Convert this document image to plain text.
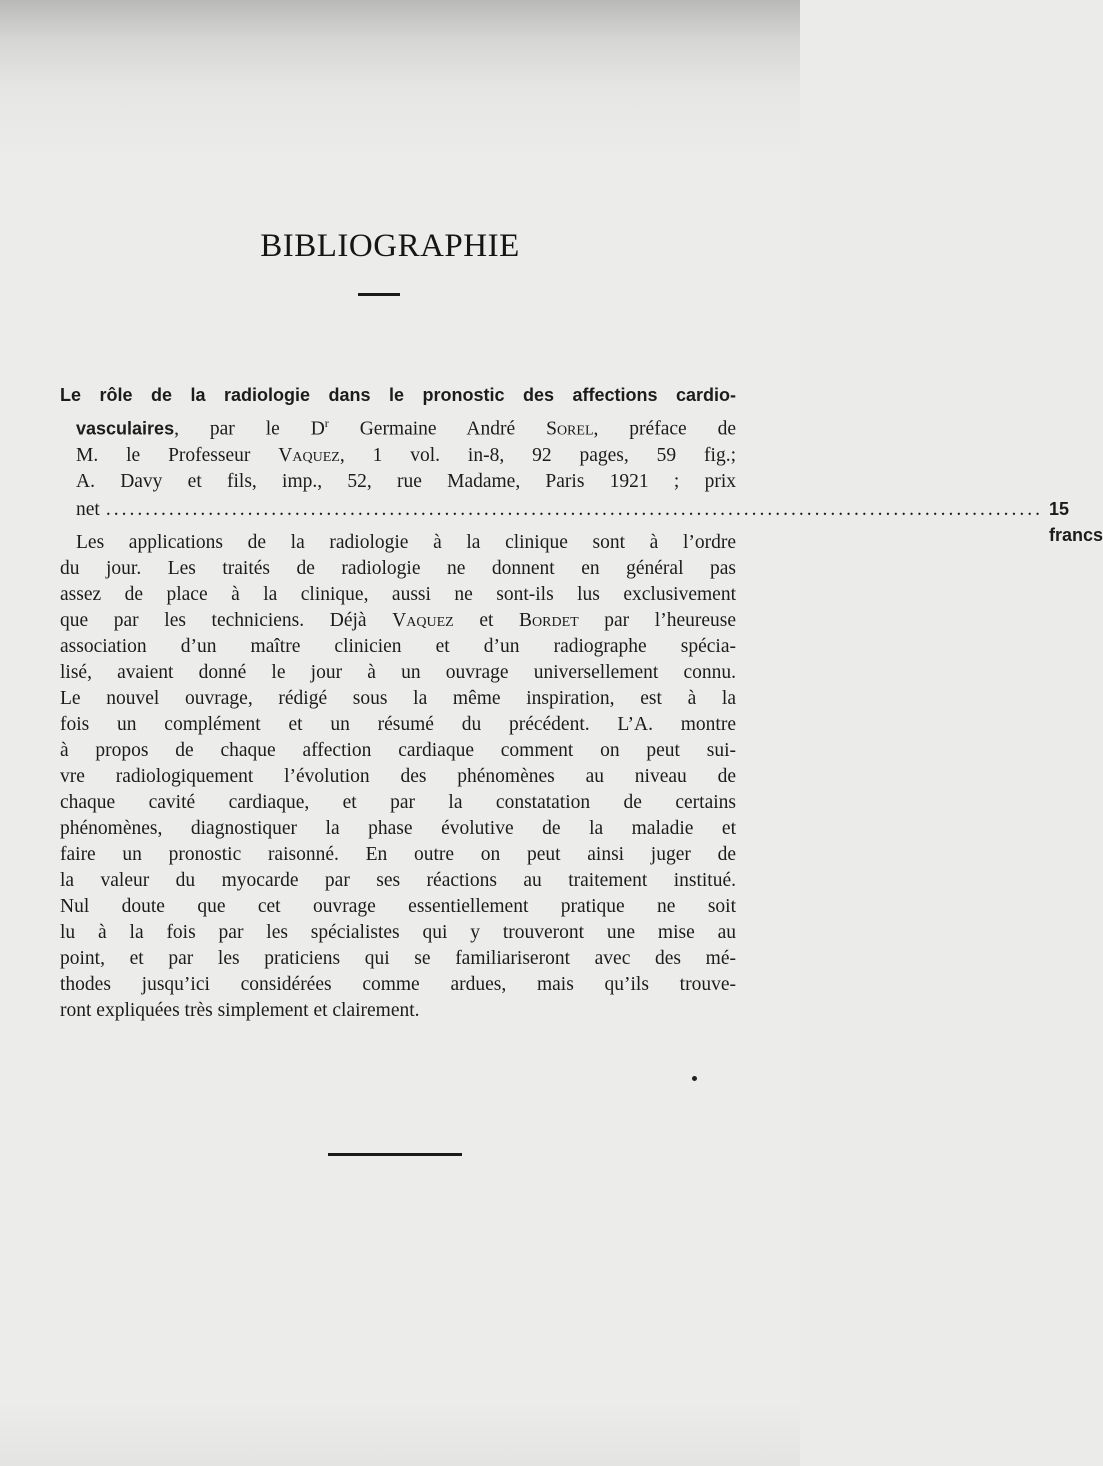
BIBLIOGRAPHIE
Le rôle de la radiologie dans le pronostic des affections cardio-
vasculaires, par le $D^r$ Germaine André Sorel, préface de
M. le Professeur Vaquez, 1 vol. in-8, 92 pages, 59 fig.;
A. Davy et fils, imp., 52, rue Madame, Paris 1921 ; prix
net ....................................................................................................................... 15 francs
Les applications de la radiologie à la clinique sont à l’ordre
du jour. Les traités de radiologie ne donnent en général pas
assez de place à la clinique, aussi ne sont-ils lus exclusivement
que par les techniciens. Déjà Vaquez et Bordet par l’heureuse
association d’un maître clinicien et d’un radiographe spécia-
lisé, avaient donné le jour à un ouvrage universellement connu.
Le nouvel ouvrage, rédigé sous la même inspiration, est à la
fois un complément et un résumé du précédent. L’A. montre
à propos de chaque affection cardiaque comment on peut sui-
vre radiologiquement l’évolution des phénomènes au niveau de
chaque cavité cardiaque, et par la constatation de certains
phénomènes, diagnostiquer la phase évolutive de la maladie et
faire un pronostic raisonné. En outre on peut ainsi juger de
la valeur du myocarde par ses réactions au traitement institué.
Nul doute que cet ouvrage essentiellement pratique ne soit
lu à la fois par les spécialistes qui y trouveront une mise au
point, et par les praticiens qui se familiariseront avec des mé-
thodes jusqu’ici considérées comme ardues, mais qu’ils trouve-
ront expliquées très simplement et clairement.
